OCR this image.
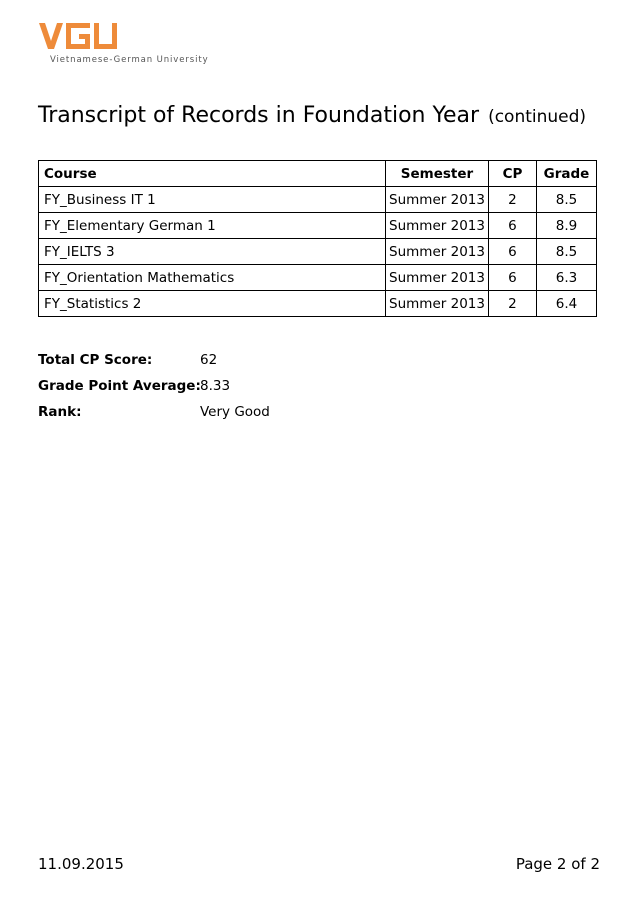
Vietnamese-German University
Transcript of Records in Foundation Year (continued)
Course	Semester	CP	Grade
FY_Business IT 1	Summer 2013	2	8.5
FY_Elementary German 1	Summer 2013	6	8.9
FY_IELTS 3	Summer 2013	6	8.5
FY_Orientation Mathematics	Summer 2013	6	6.3
FY_Statistics 2	Summer 2013	2	6.4
Total CP Score:	62
Grade Point Average: 8.33
Rank:	Very Good
11.09.2015	Page 2 of 2
